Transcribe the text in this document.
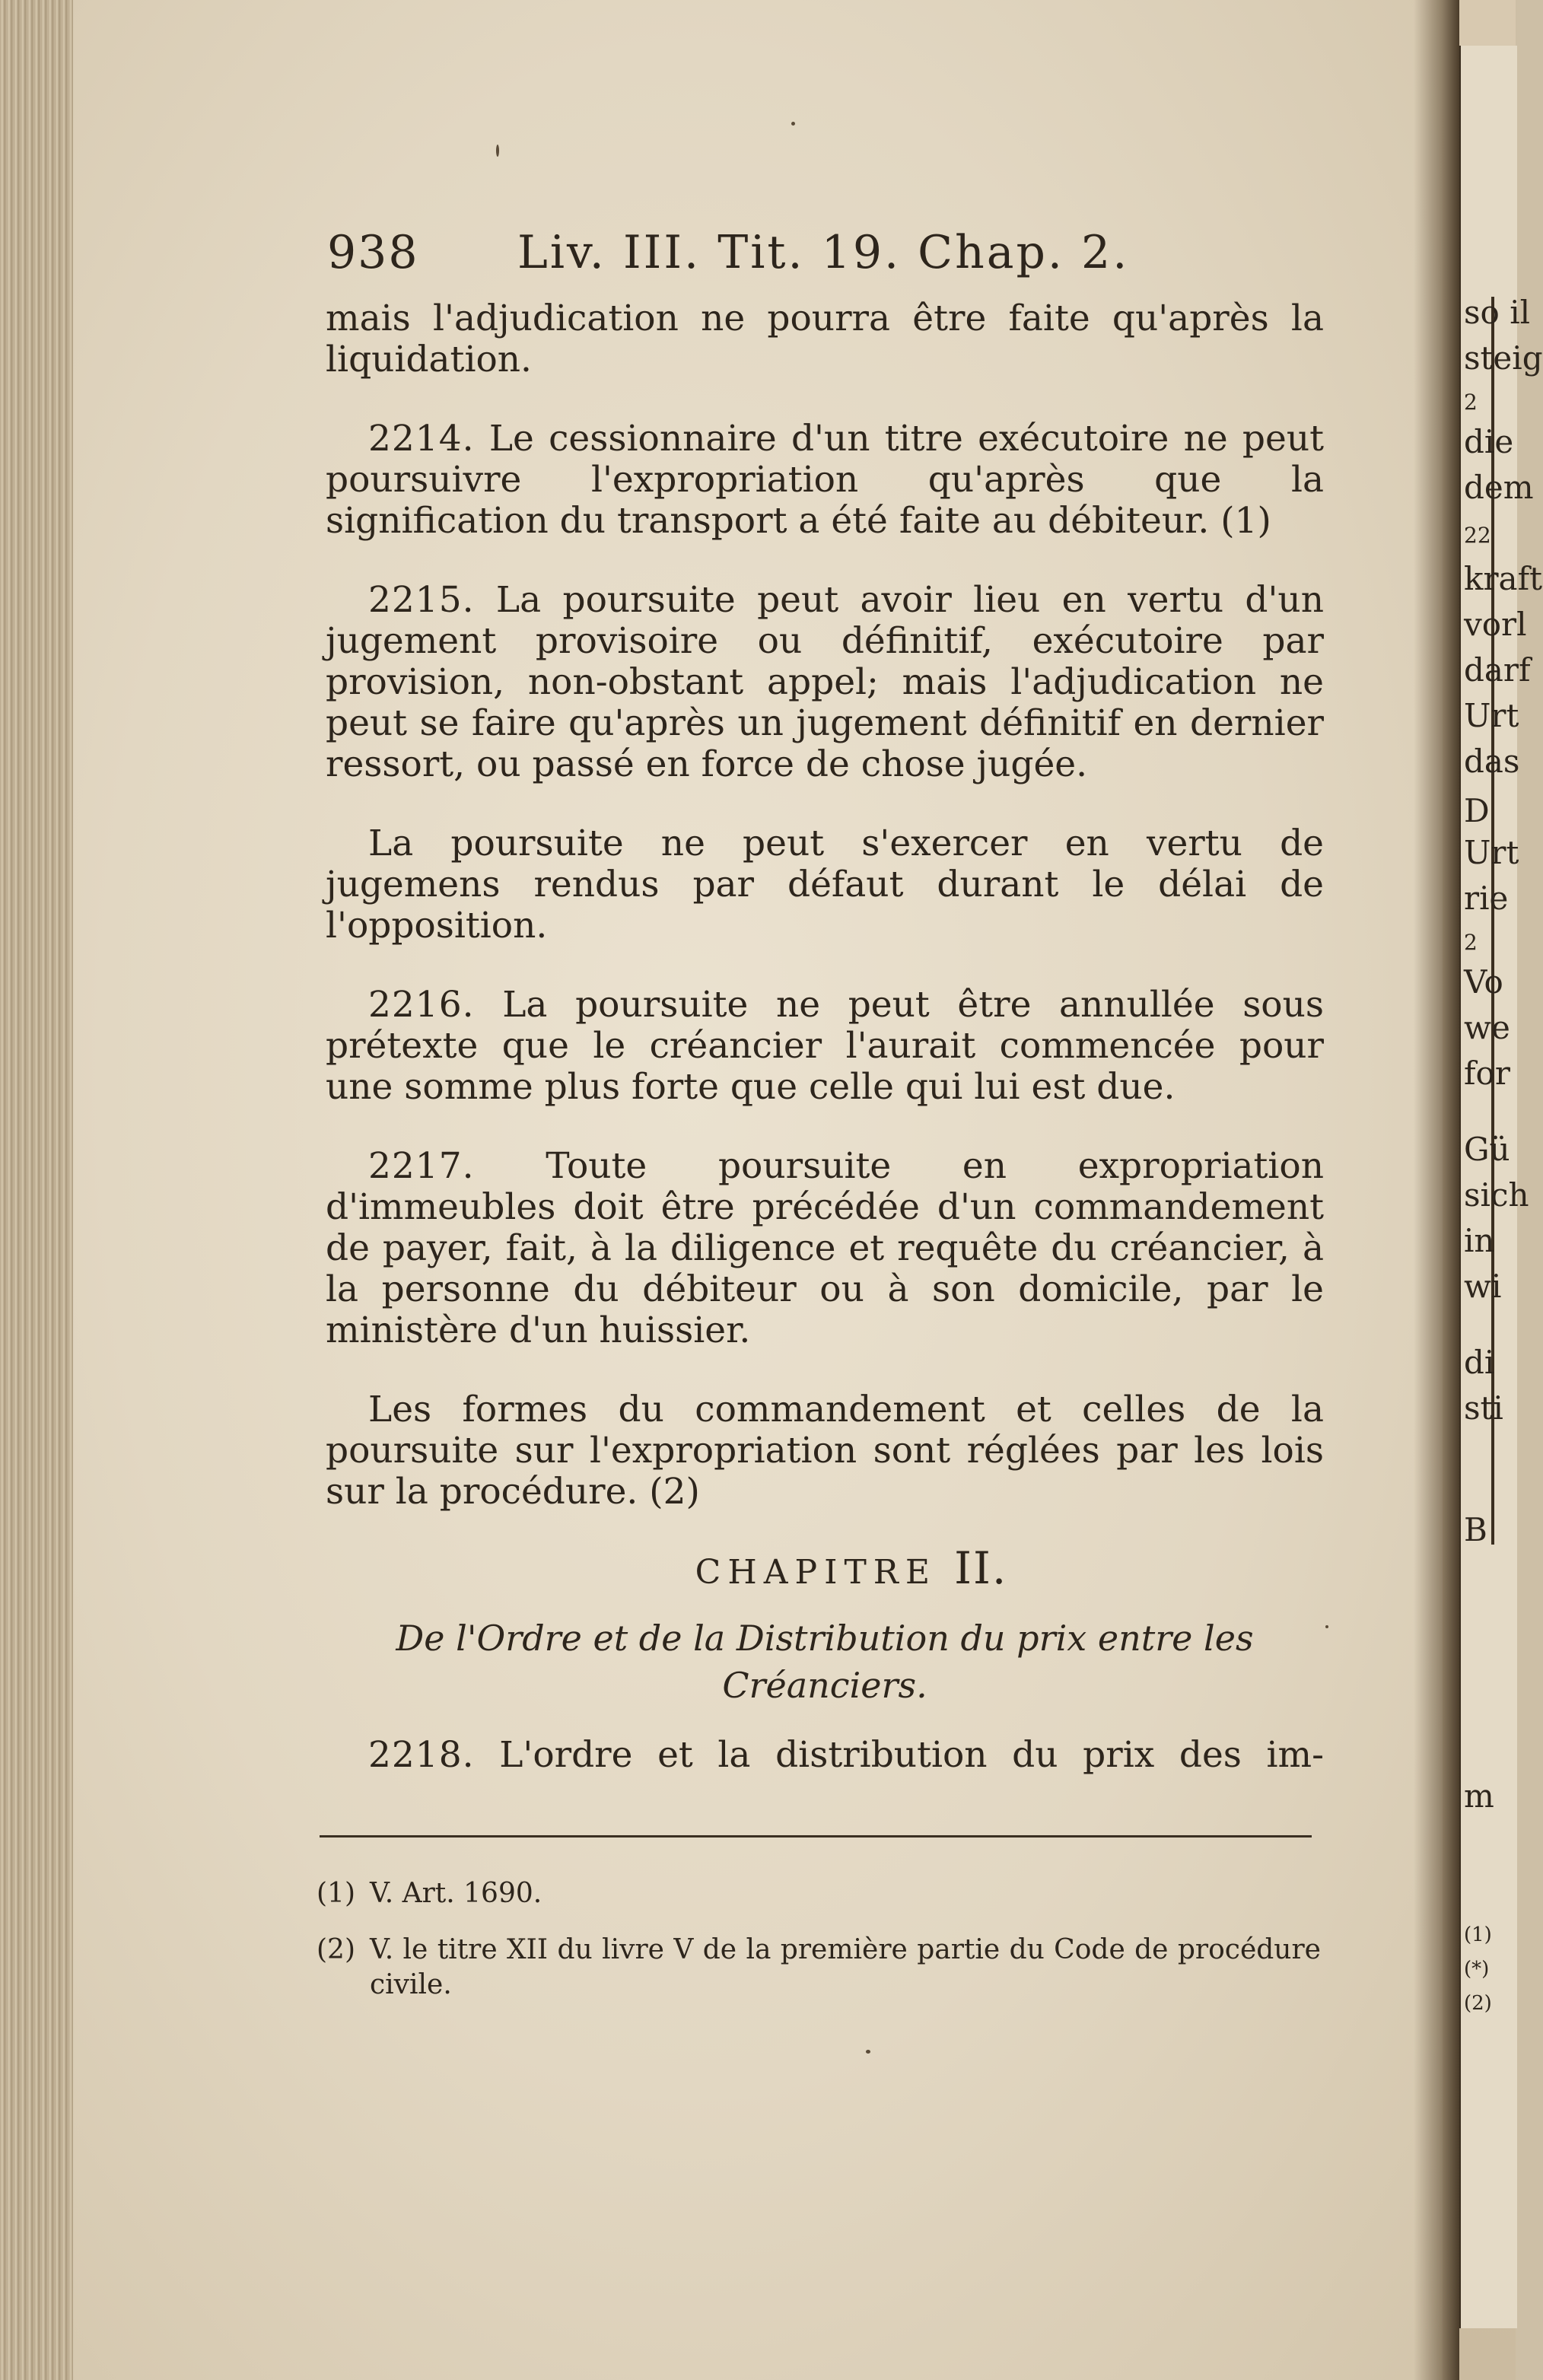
938 Liv. III. Tit. 19. Chap. 2.

mais l'adjudication ne pourra être faite qu'après la liquidation.

2214. Le cessionnaire d'un titre exécutoire ne peut poursuivre l'expropriation qu'après que la signification du transport a été faite au débiteur. (1)

2215. La poursuite peut avoir lieu en vertu d'un jugement provisoire ou définitif, exécutoire par provision, non-obstant appel; mais l'adjudication ne peut se faire qu'après un jugement définitif en dernier ressort, ou passé en force de chose jugée.

La poursuite ne peut s'exercer en vertu de jugemens rendus par défaut durant le délai de l'opposition.

2216. La poursuite ne peut être annullée sous prétexte que le créancier l'aurait commencée pour une somme plus forte que celle qui lui est due.

2217. Toute poursuite en expropriation d'immeubles doit être précédée d'un commandement de payer, fait, à la diligence et requête du créancier, à la personne du débiteur ou à son domicile, par le ministère d'un huissier.

Les formes du commandement et celles de la poursuite sur l'expropriation sont réglées par les lois sur la procédure. (2)

CHAPITRE II.
De l'Ordre et de la Distribution du prix entre les Créanciers.

2218. L'ordre et la distribution du prix des im-

(1) V. Art. 1690.

(2) V. le titre XII du livre V de la première partie du Code de procédure civile.

so il
steig
2
die
dem
22
kraft
vorl
darf
Urt
das
D
Urt
rie
2
Vo
we
for
Gü
sich
in
wi
di
sti
B
m
(1)
(*)
(2)
